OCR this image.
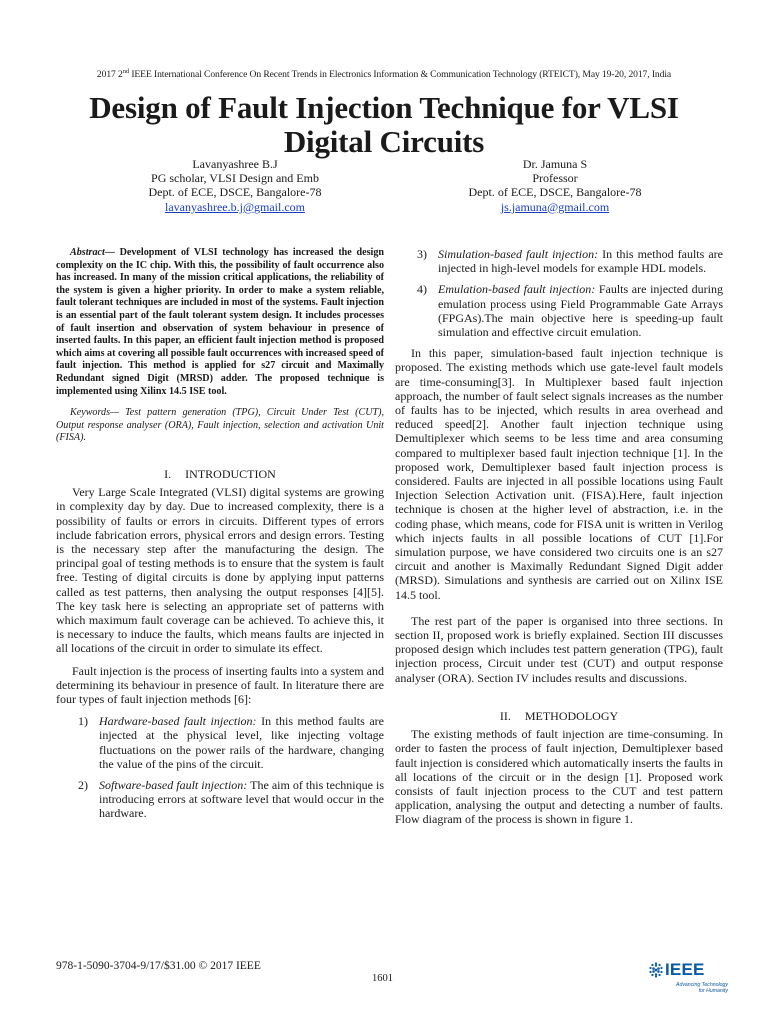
2017 2nd IEEE International Conference On Recent Trends in Electronics Information & Communication Technology (RTEICT), May 19-20, 2017, India
Design of Fault Injection Technique for VLSI
Digital Circuits
Lavanyashree B.J
PG scholar, VLSI Design and Emb
Dept. of ECE, DSCE, Bangalore-78
lavanyashree.b.j@gmail.com
Dr. Jamuna S
Professor
Dept. of ECE, DSCE, Bangalore-78
js.jamuna@gmail.com

Abstract— Development of VLSI technology has increased the design complexity on the IC chip. With this, the possibility of fault occurrence also has increased. In many of the mission critical applications, the reliability of the system is given a higher priority. In order to make a system reliable, fault tolerant techniques are included in most of the systems. Fault injection is an essential part of the fault tolerant system design. It includes processes of fault insertion and observation of system behaviour in presence of inserted faults. In this paper, an efficient fault injection method is proposed which aims at covering all possible fault occurrences with increased speed of fault injection. This method is applied for s27 circuit and Maximally Redundant signed Digit (MRSD) adder. The proposed technique is implemented using Xilinx 14.5 ISE tool.

Keywords— Test pattern generation (TPG), Circuit Under Test (CUT), Output response analyser (ORA), Fault injection, selection and activation Unit (FISA).

I. INTRODUCTION

Very Large Scale Integrated (VLSI) digital systems are growing in complexity day by day. Due to increased complexity, there is a possibility of faults or errors in circuits. Different types of errors include fabrication errors, physical errors and design errors. Testing is the necessary step after the manufacturing the design. The principal goal of testing methods is to ensure that the system is fault free. Testing of digital circuits is done by applying input patterns called as test patterns, then analysing the output responses [4][5]. The key task here is selecting an appropriate set of patterns with which maximum fault coverage can be achieved. To achieve this, it is necessary to induce the faults, which means faults are injected in all locations of the circuit in order to simulate its effect.

Fault injection is the process of inserting faults into a system and determining its behaviour in presence of fault. In literature there are four types of fault injection methods [6]:

1) Hardware-based fault injection: In this method faults are injected at the physical level, like injecting voltage fluctuations on the power rails of the hardware, changing the value of the pins of the circuit.
2) Software-based fault injection: The aim of this technique is introducing errors at software level that would occur in the hardware.
3) Simulation-based fault injection: In this method faults are injected in high-level models for example HDL models.
4) Emulation-based fault injection: Faults are injected during emulation process using Field Programmable Gate Arrays (FPGAs).The main objective here is speeding-up fault simulation and effective circuit emulation.

In this paper, simulation-based fault injection technique is proposed. The existing methods which use gate-level fault models are time-consuming[3]. In Multiplexer based fault injection approach, the number of fault select signals increases as the number of faults has to be injected, which results in area overhead and reduced speed[2]. Another fault injection technique using Demultiplexer which seems to be less time and area consuming compared to multiplexer based fault injection technique [1]. In the proposed work, Demultiplexer based fault injection process is considered. Faults are injected in all possible locations using Fault Injection Selection Activation unit. (FISA).Here, fault injection technique is chosen at the higher level of abstraction, i.e. in the coding phase, which means, code for FISA unit is written in Verilog which injects faults in all possible locations of CUT [1].For simulation purpose, we have considered two circuits one is an s27 circuit and another is Maximally Redundant Signed Digit adder (MRSD). Simulations and synthesis are carried out on Xilinx ISE 14.5 tool.

The rest part of the paper is organised into three sections. In section II, proposed work is briefly explained. Section III discusses proposed design which includes test pattern generation (TPG), fault injection process, Circuit under test (CUT) and output response analyser (ORA). Section IV includes results and discussions.

II. METHODOLOGY

The existing methods of fault injection are time-consuming. In order to fasten the process of fault injection, Demultiplexer based fault injection is considered which automatically inserts the faults in all locations of the circuit or in the design [1]. Proposed work consists of fault injection process to the CUT and test pattern application, analysing the output and detecting a number of faults. Flow diagram of the process is shown in figure 1.

978-1-5090-3704-9/17/$31.00 © 2017 IEEE
1601	IEEE
Advancing Technology
for Humanity
